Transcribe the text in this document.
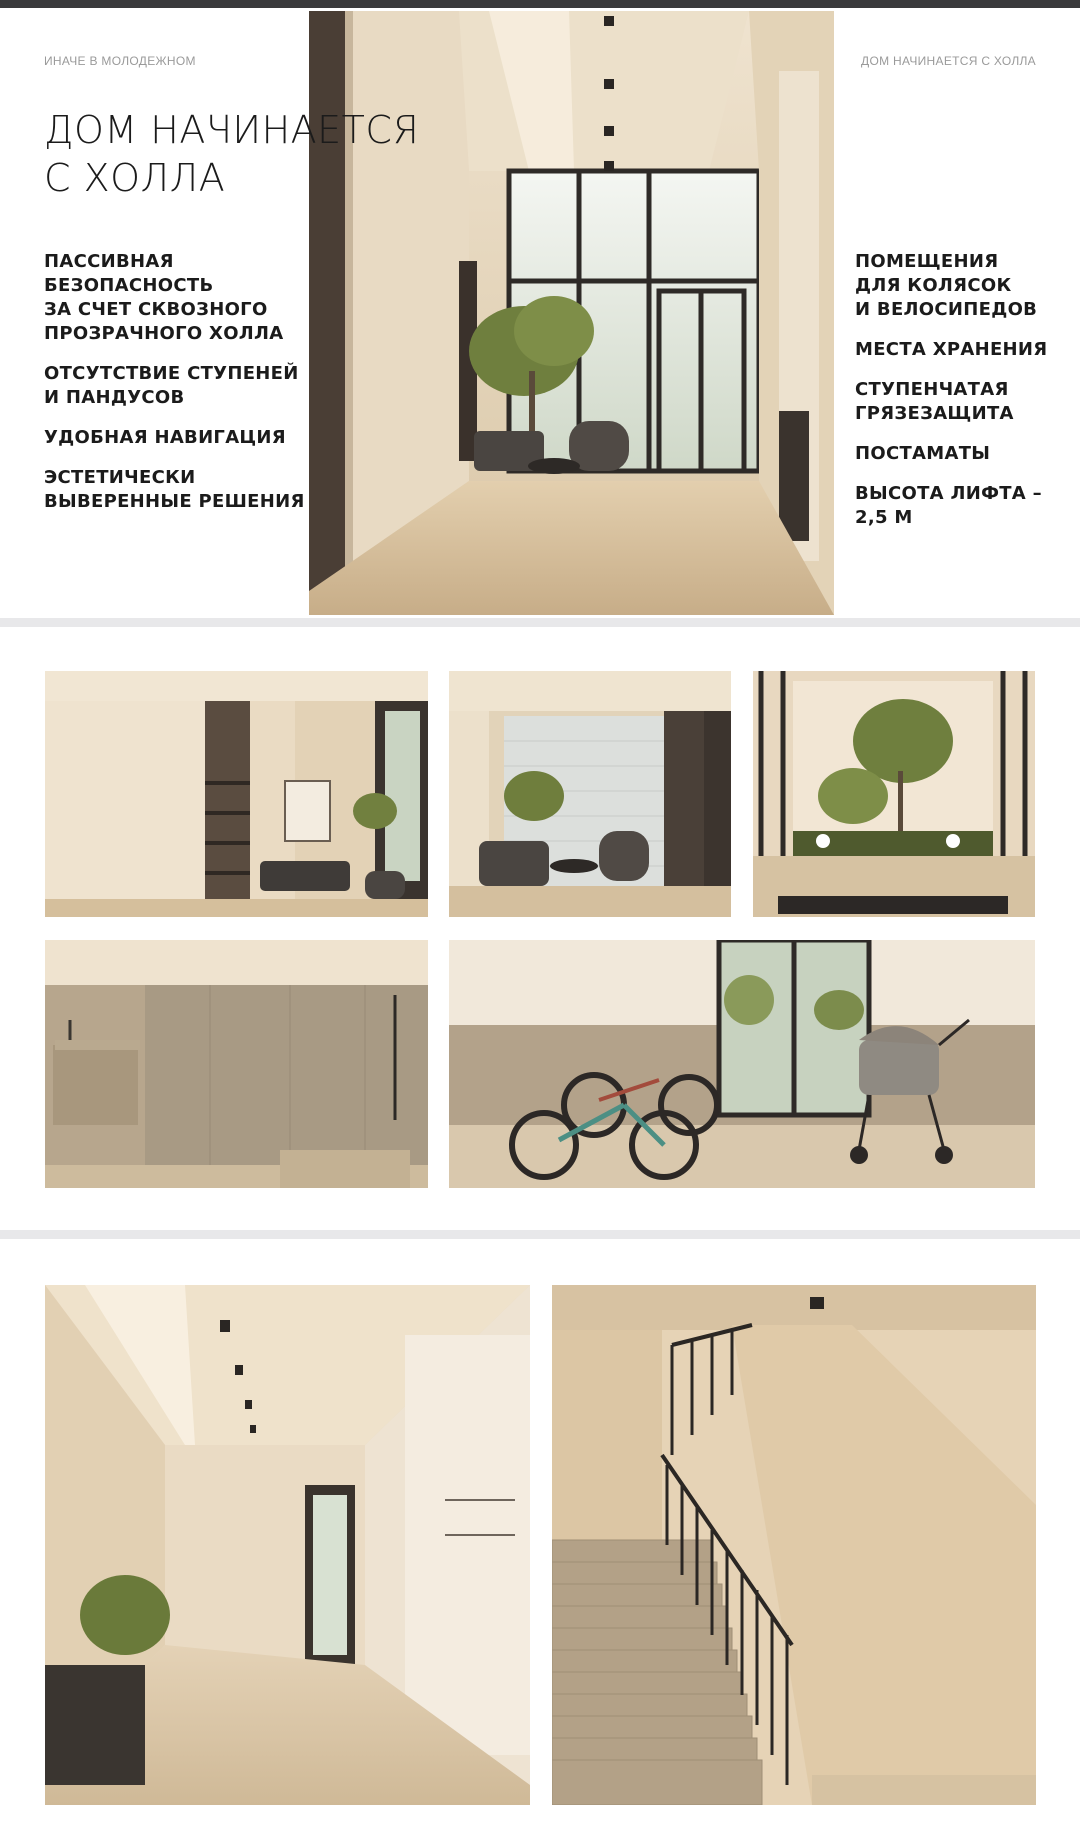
ИНАЧЕ В МОЛОДЕЖНОМ	ДОМ НАЧИНАЕТСЯ С ХОЛЛА
ДОМ НАЧИНАЕТСЯ
С ХОЛЛА
ПАССИВНАЯ
БЕЗОПАСНОСТЬ
ЗА СЧЕТ СКВОЗНОГО
ПРОЗРАЧНОГО ХОЛЛА
ОТСУТСТВИЕ СТУПЕНЕЙ
И ПАНДУСОВ
УДОБНАЯ НАВИГАЦИЯ
ЭСТЕТИЧЕСКИ
ВЫВЕРЕННЫЕ РЕШЕНИЯ
ПОМЕЩЕНИЯ
ДЛЯ КОЛЯСОК
И ВЕЛОСИПЕДОВ
МЕСТА ХРАНЕНИЯ
СТУПЕНЧАТАЯ
ГРЯЗЕЗАЩИТА
ПОСТАМАТЫ
ВЫСОТА ЛИФТА –
2,5 М
